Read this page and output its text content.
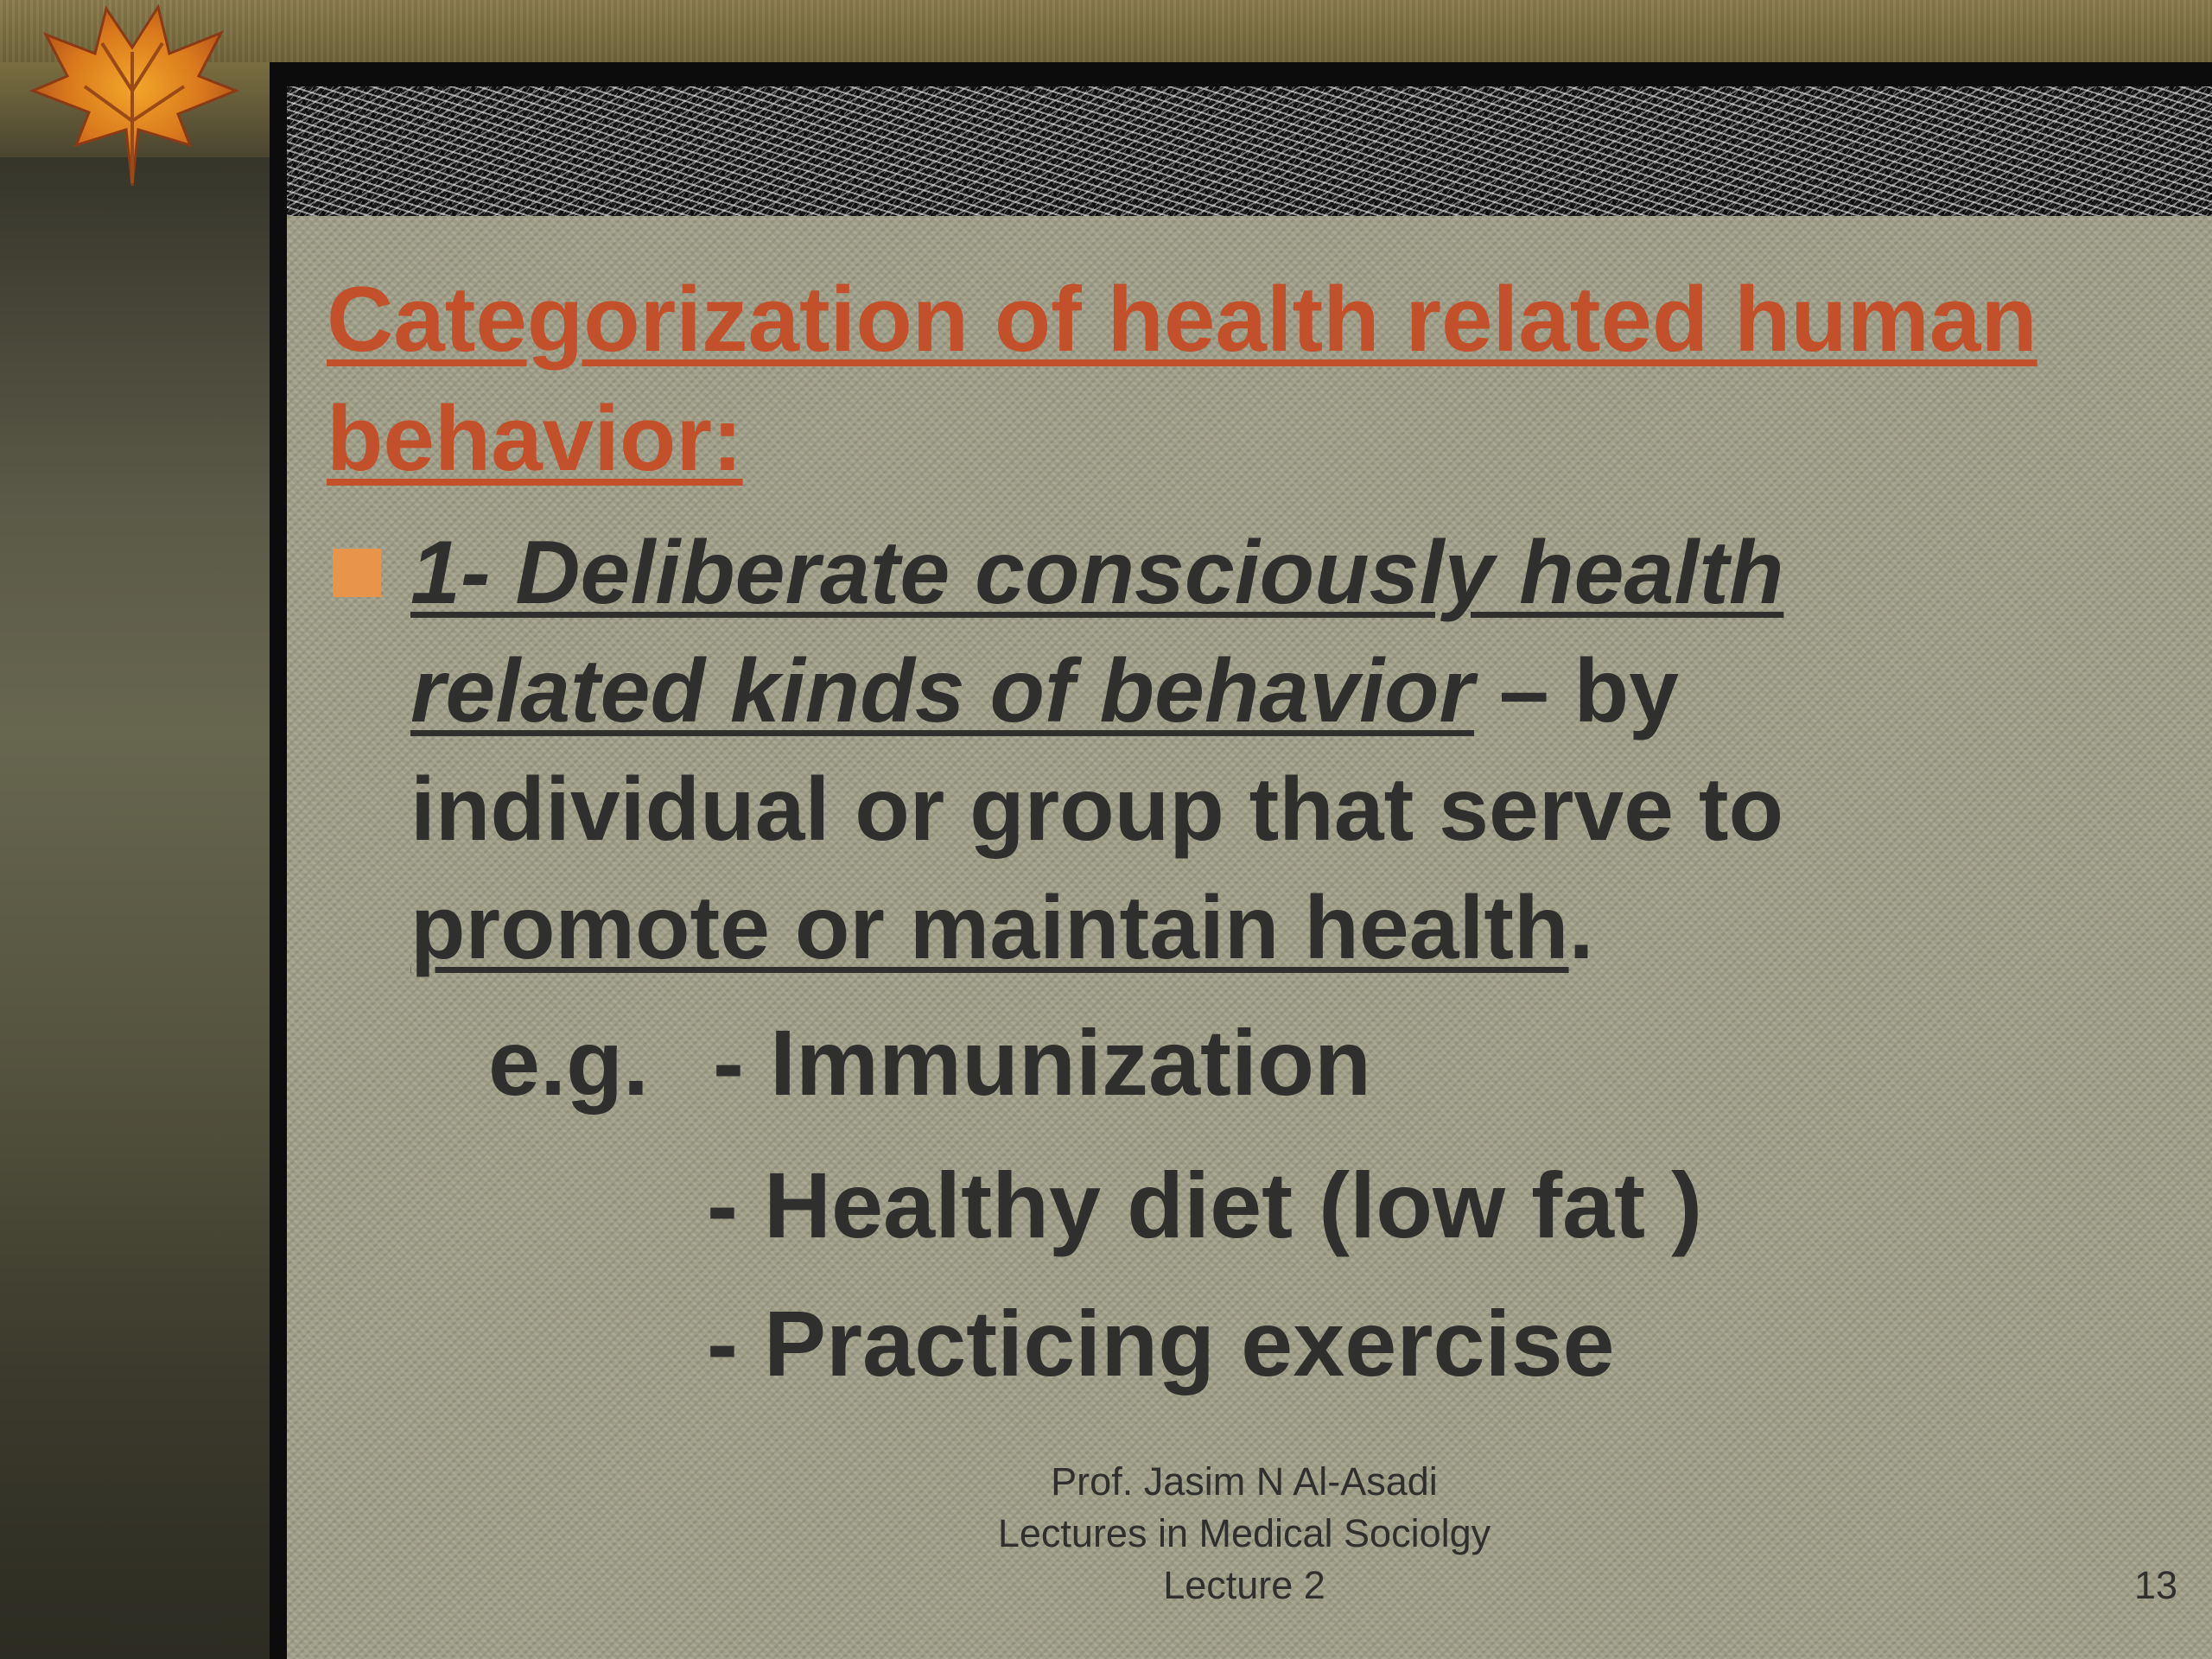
Categorization of health related human behavior:
1- Deliberate consciously health related kinds of behavior – by individual or group that serve to promote or maintain health.
e.g. - Immunization
- Healthy diet (low fat )
- Practicing exercise
Prof. Jasim N Al-Asadi
Lectures in Medical Sociolgy
Lecture 2	13
